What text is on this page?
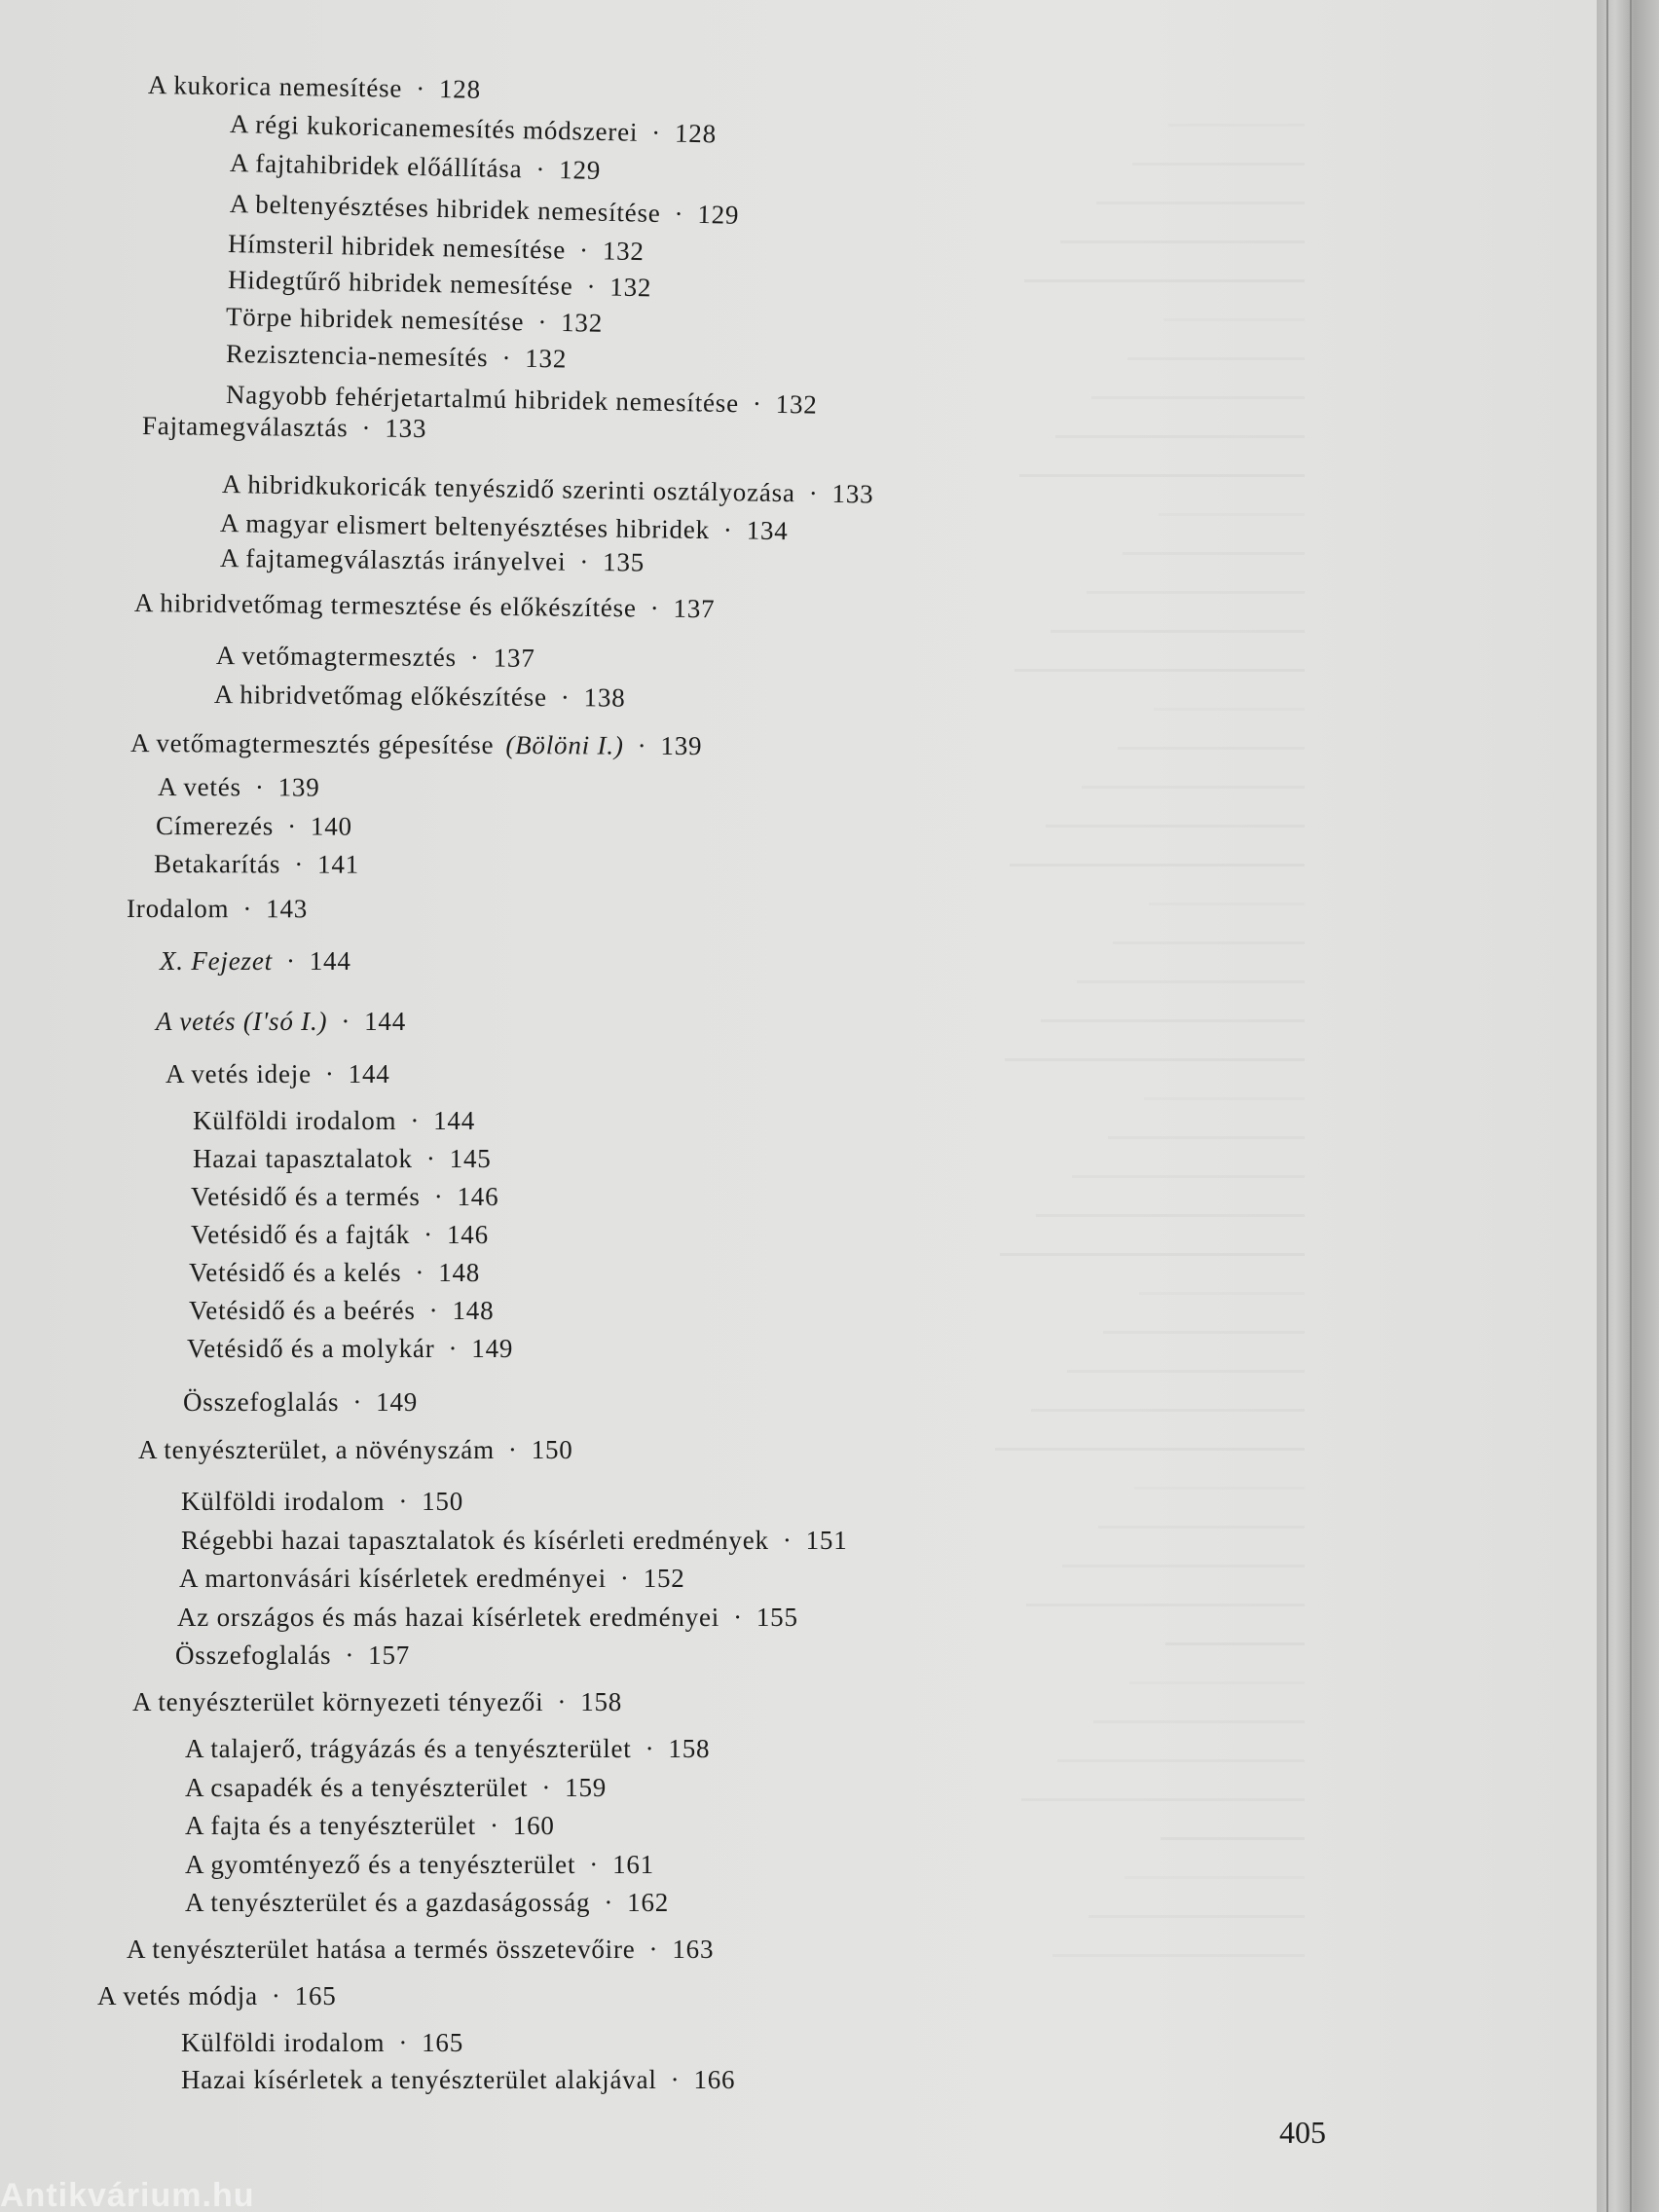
A kukorica nemesítése · 128
A régi kukoricanemesítés módszerei · 128
A fajtahibridek előállítása · 129
A beltenyésztéses hibridek nemesítése · 129
Hímsteril hibridek nemesítése · 132
Hidegtűrő hibridek nemesítése · 132
Törpe hibridek nemesítése · 132
Rezisztencia-nemesítés · 132
Nagyobb fehérjetartalmú hibridek nemesítése · 132
Fajtamegválasztás · 133
A hibridkukoricák tenyészidő szerinti osztályozása · 133
A magyar elismert beltenyésztéses hibridek · 134
A fajtamegválasztás irányelvei · 135
A hibridvetőmag termesztése és előkészítése · 137
A vetőmagtermesztés · 137
A hibridvetőmag előkészítése · 138
A vetőmagtermesztés gépesítése (Bölöni I.) · 139
A vetés · 139
Címerezés · 140
Betakarítás · 141
Irodalom · 143
X. Fejezet · 144
A vetés (I'só I.) · 144
A vetés ideje · 144
Külföldi irodalom · 144
Hazai tapasztalatok · 145
Vetésidő és a termés · 146
Vetésidő és a fajták · 146
Vetésidő és a kelés · 148
Vetésidő és a beérés · 148
Vetésidő és a molykár · 149
Összefoglalás · 149
A tenyészterület, a növényszám · 150
Külföldi irodalom · 150
Régebbi hazai tapasztalatok és kísérleti eredmények · 151
A martonvásári kísérletek eredményei · 152
Az országos és más hazai kísérletek eredményei · 155
Összefoglalás · 157
A tenyészterület környezeti tényezői · 158
A talajerő, trágyázás és a tenyészterület · 158
A csapadék és a tenyészterület · 159
A fajta és a tenyészterület · 160
A gyomtényező és a tenyészterület · 161
A tenyészterület és a gazdaságosság · 162
A tenyészterület hatása a termés összetevőire · 163
A vetés módja · 165
Külföldi irodalom · 165
Hazai kísérletek a tenyészterület alakjával · 166
405
Antikvárium.hu
